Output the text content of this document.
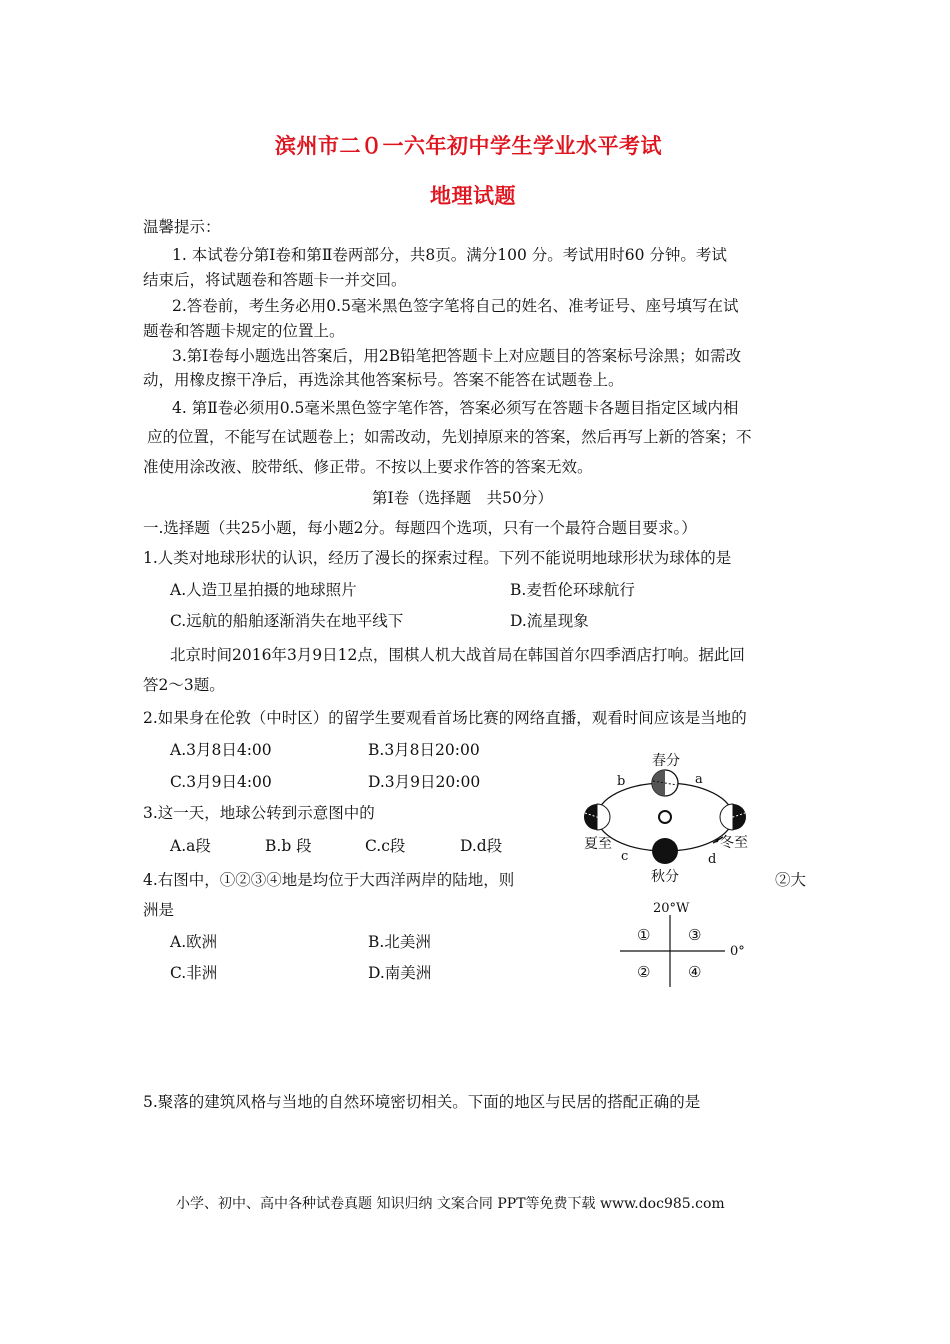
滨州市二０一六年初中学生学业水平考试
地理试题
温馨提示：
1. 本试卷分第Ⅰ卷和第Ⅱ卷两部分，共8页。满分100 分。考试用时60 分钟。考试
结束后，将试题卷和答题卡一并交回。
2.答卷前，考生务必用0.5毫米黑色签字笔将自己的姓名、准考证号、座号填写在试
题卷和答题卡规定的位置上。
3.第Ⅰ卷每小题选出答案后，用2B铅笔把答题卡上对应题目的答案标号涂黑；如需改
动，用橡皮擦干净后，再选涂其他答案标号。答案不能答在试题卷上。
4. 第Ⅱ卷必须用0.5毫米黑色签字笔作答，答案必须写在答题卡各题目指定区域内相
应的位置，不能写在试题卷上；如需改动，先划掉原来的答案，然后再写上新的答案；不
准使用涂改液、胶带纸、修正带。不按以上要求作答的答案无效。
第Ⅰ卷（选择题　共50分）
一.选择题（共25小题，每小题2分。每题四个选项，只有一个最符合题目要求。）
1.人类对地球形状的认识，经历了漫长的探索过程。下列不能说明地球形状为球体的是
A.人造卫星拍摄的地球照片	B.麦哲伦环球航行
C.远航的船舶逐渐消失在地平线下	D.流星现象
北京时间2016年3月9日12点，围棋人机大战首局在韩国首尔四季酒店打响。据此回
答2～3题。
2.如果身在伦敦（中时区）的留学生要观看首场比赛的网络直播，观看时间应该是当地的
A.3月8日4:00	B.3月8日20:00
C.3月9日4:00	D.3月9日20:00
3.这一天，地球公转到示意图中的
A.a段	B.b 段	C.c段	D.d段
4.右图中，①②③④地是均位于大西洋两岸的陆地，则	②大
洲是
A.欧洲	B.北美洲
C.非洲	D.南美洲
5.聚落的建筑风格与当地的自然环境密切相关。下面的地区与民居的搭配正确的是
春分
夏至	冬至
秋分
a
b
c	d
20°W
0°
①	③
②	④
小学、初中、高中各种试卷真题 知识归纳 文案合同 PPT等免费下载 www.doc985.com
